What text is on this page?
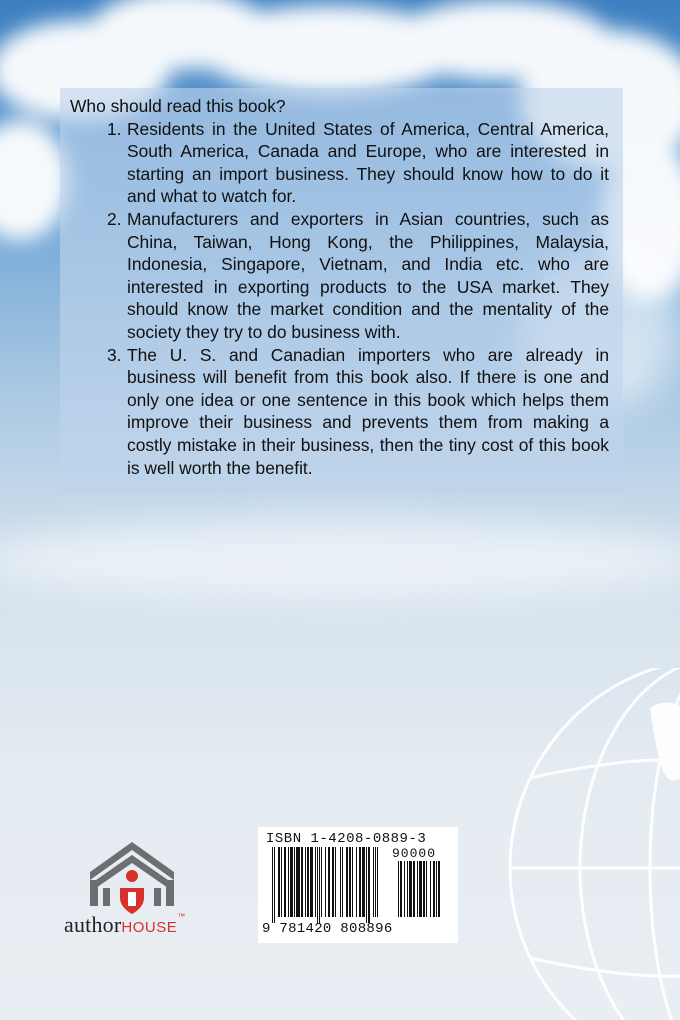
Who should read this book?

1. Residents in the United States of America, Central America, South America, Canada and Europe, who are interested in starting an import business. They should know how to do it and what to watch for.
2. Manufacturers and exporters in Asian countries, such as China, Taiwan, Hong Kong, the Philippines, Malaysia, Indonesia, Singapore, Vietnam, and India etc. who are interested in exporting products to the USA market. They should know the market condition and the mentality of the society they try to do business with.
3. The U. S. and Canadian importers who are already in business will benefit from this book also. If there is one and only one idea or one sentence in this book which helps them improve their business and prevents them from making a costly mistake in their business, then the tiny cost of this book is well worth the benefit.
authorHOUSE™
ISBN 1-4208-0889-3
90000
9 781420 808896
